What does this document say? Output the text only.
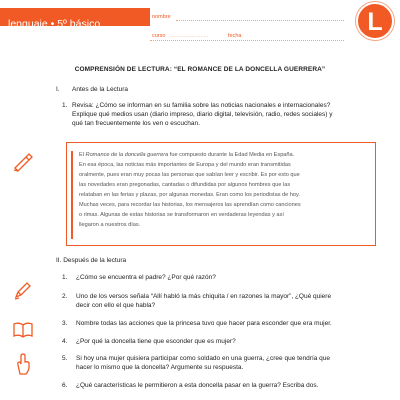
lenguaje • 5º básico
nombre
curso .........................	fecha	L
COMPRENSIÓN DE LECTURA: “EL ROMANCE DE LA DONCELLA GUERRERA”
I. Antes de la Lectura
1. Revisa: ¿Cómo se informan en su familia sobre las noticias nacionales e internacionales?
Explique qué medios usan (diario impreso, diario digital, televisión, radio, redes sociales) y
qué tan frecuentemente los ven o escuchan.
El Romance de la doncella guerrera fue compuesto durante la Edad Media en España.
En esa época, las noticias más importantes de Europa y del mundo eran transmitidas
oralmente, pues eran muy pocas las personas que sabían leer y escribir. Es por esto que
las novedades eran pregonadas, cantadas o difundidas por algunos hombres que las
relataban en las ferias y plazas, por algunas monedas. Eran como los periodistas de hoy.
Muchas veces, para recordar las historias, los mensajeros las aprendían como canciones
o rimas. Algunas de estas historias se transformaron en verdaderas leyendas y así
llegaron a nuestros días.
II. Después de la lectura
1. ¿Cómo se encuentra el padre? ¿Por qué razón?
2. Uno de los versos señala “Allí habló la más chiquita / en razones la mayor”, ¿Qué quiere
decir con ello el que habla?
3. Nombre todas las acciones que la princesa tuvo que hacer para esconder que era mujer.
4. ¿Por qué la doncella tiene que esconder que es mujer?
5. Si hoy una mujer quisiera participar como soldado en una guerra, ¿cree que tendría que
hacer lo mismo que la doncella? Argumente su respuesta.
6. ¿Qué características le permitieron a esta doncella pasar en la guerra? Escriba dos.
